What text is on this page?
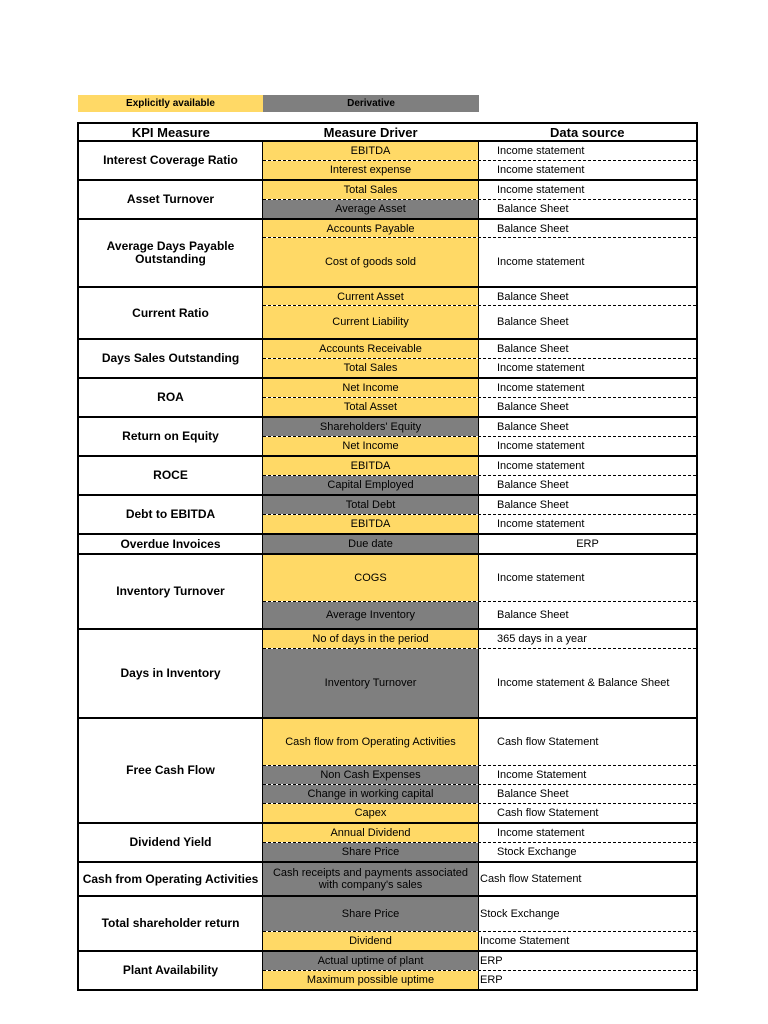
Explicitly available	Derivative
KPI Measure	Measure Driver	Data source
Interest Coverage Ratio
EBITDA	Income statement
Interest expense	Income statement
Asset Turnover
Total Sales	Income statement
Average Asset	Balance Sheet
Average Days Payable Outstanding
Accounts Payable	Balance Sheet
Cost of goods sold	Income statement
Current Ratio
Current Asset	Balance Sheet
Current Liability	Balance Sheet
Days Sales Outstanding
Accounts Receivable	Balance Sheet
Total Sales	Income statement
ROA
Net Income	Income statement
Total Asset	Balance Sheet
Return on Equity
Shareholders' Equity	Balance Sheet
Net Income	Income statement
ROCE
EBITDA	Income statement
Capital Employed	Balance Sheet
Debt to EBITDA
Total Debt	Balance Sheet
EBITDA	Income statement
Overdue Invoices	Due date	ERP
Inventory Turnover
COGS	Income statement
Average Inventory	Balance Sheet
Days in Inventory
No of days in the period	365 days in a year
Inventory Turnover	Income statement & Balance Sheet
Free Cash Flow
Cash flow from Operating Activities	Cash flow Statement
Non Cash Expenses	Income Statement
Change in working capital	Balance Sheet
Capex	Cash flow Statement
Dividend Yield
Annual Dividend	Income statement
Share Price	Stock Exchange
Cash from Operating Activities	Cash receipts and payments associated with company's sales	Cash flow Statement
Total shareholder return
Share Price	Stock Exchange
Dividend	Income Statement
Plant Availability
Actual uptime of plant	ERP
Maximum possible uptime	ERP
